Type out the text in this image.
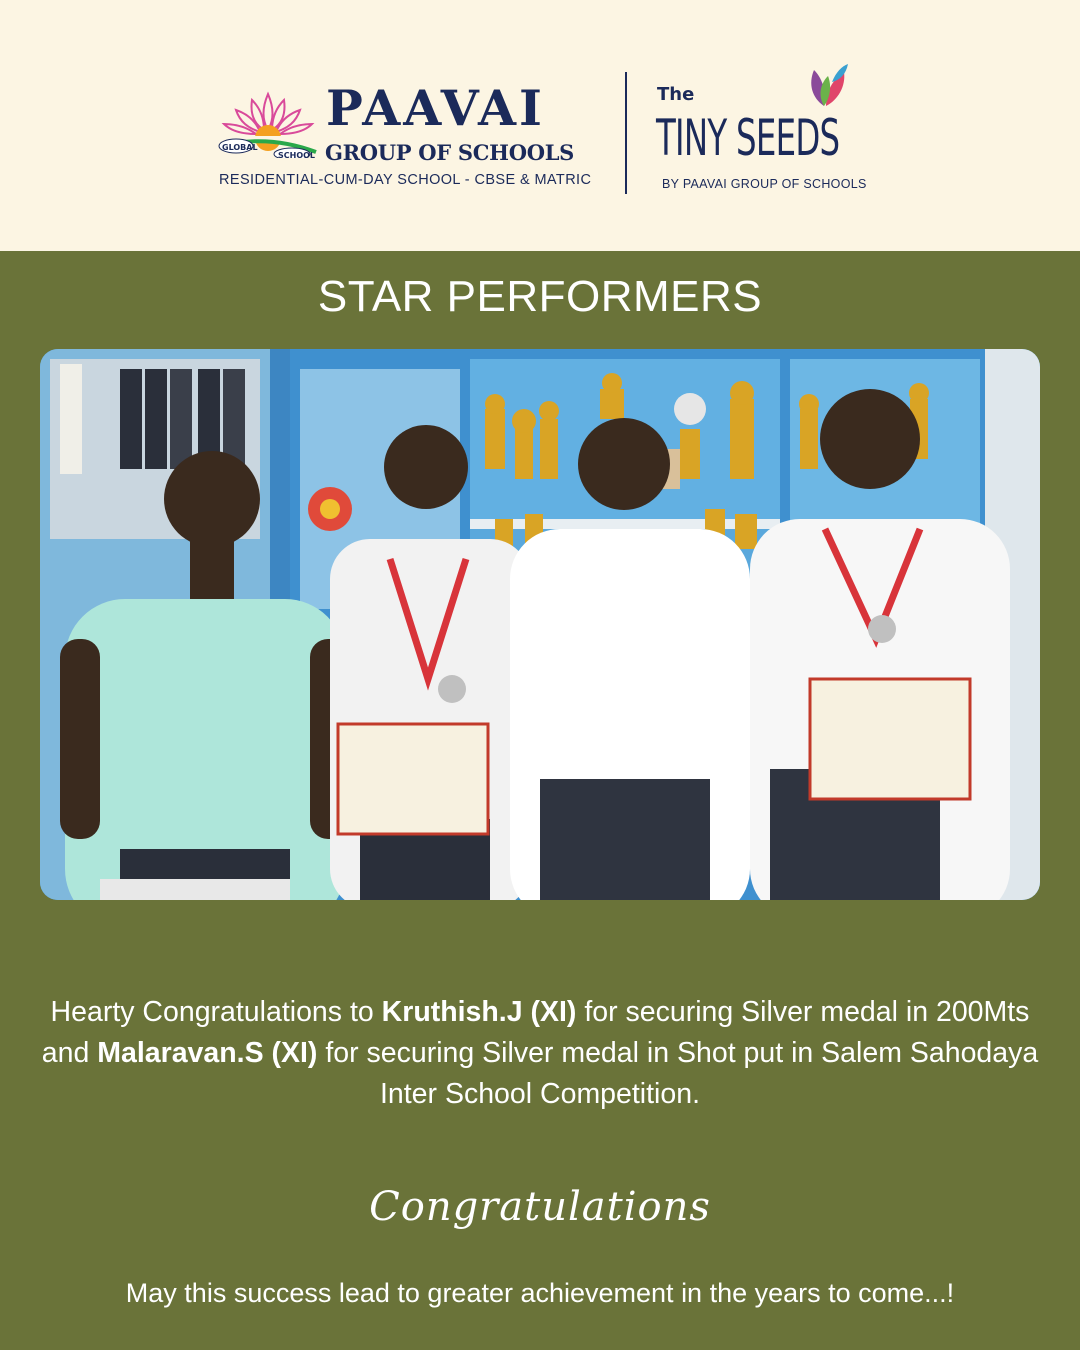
GLOBAL
SCHOOL
PAAVAI
GROUP OF SCHOOLS
RESIDENTIAL-CUM-DAY SCHOOL - CBSE & MATRIC
The
TINY SEEDS
BY PAAVAI GROUP OF SCHOOLS
STAR PERFORMERS
Hearty Congratulations to Kruthish.J (XI) for securing Silver medal in 200Mts and Malaravan.S (XI) for securing Silver medal in Shot put in Salem Sahodaya Inter School Competition.
Congratulations
May this success lead to greater achievement in the years to come...!
